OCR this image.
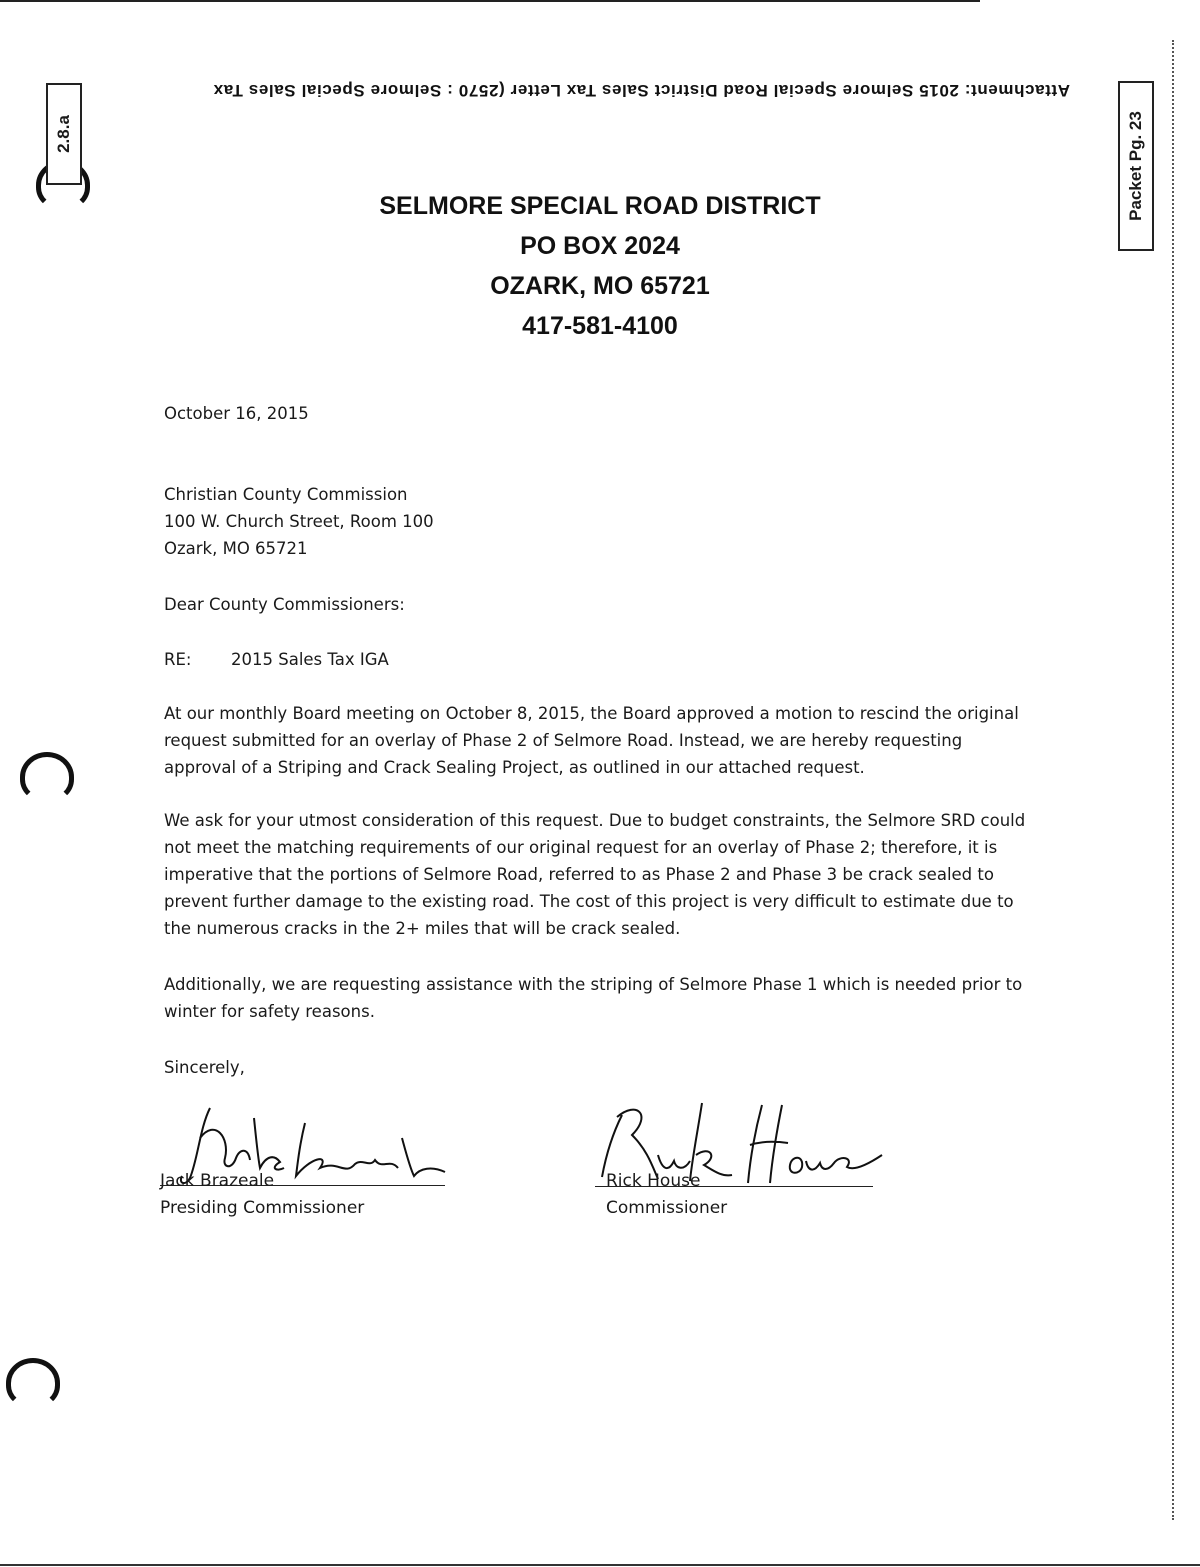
Attachment: 2015 Selmore Special Road District Sales Tax Letter (2570 : Selmore Special Sales Tax
2.8.a	Packet Pg. 23
SELMORE SPECIAL ROAD DISTRICT
PO BOX 2024
OZARK, MO 65721
417-581-4100
October 16, 2015
Christian County Commission
100 W. Church Street, Room 100
Ozark, MO 65721
Dear County Commissioners:
RE: 2015 Sales Tax IGA
At our monthly Board meeting on October 8, 2015, the Board approved a motion to rescind the original
request submitted for an overlay of Phase 2 of Selmore Road. Instead, we are hereby requesting
approval of a Striping and Crack Sealing Project, as outlined in our attached request.
We ask for your utmost consideration of this request. Due to budget constraints, the Selmore SRD could
not meet the matching requirements of our original request for an overlay of Phase 2; therefore, it is
imperative that the portions of Selmore Road, referred to as Phase 2 and Phase 3 be crack sealed to
prevent further damage to the existing road. The cost of this project is very difficult to estimate due to
the numerous cracks in the 2+ miles that will be crack sealed.
Additionally, we are requesting assistance with the striping of Selmore Phase 1 which is needed prior to
winter for safety reasons.
Sincerely,
Jack Brazeale
Presiding Commissioner
Rick House
Commissioner
